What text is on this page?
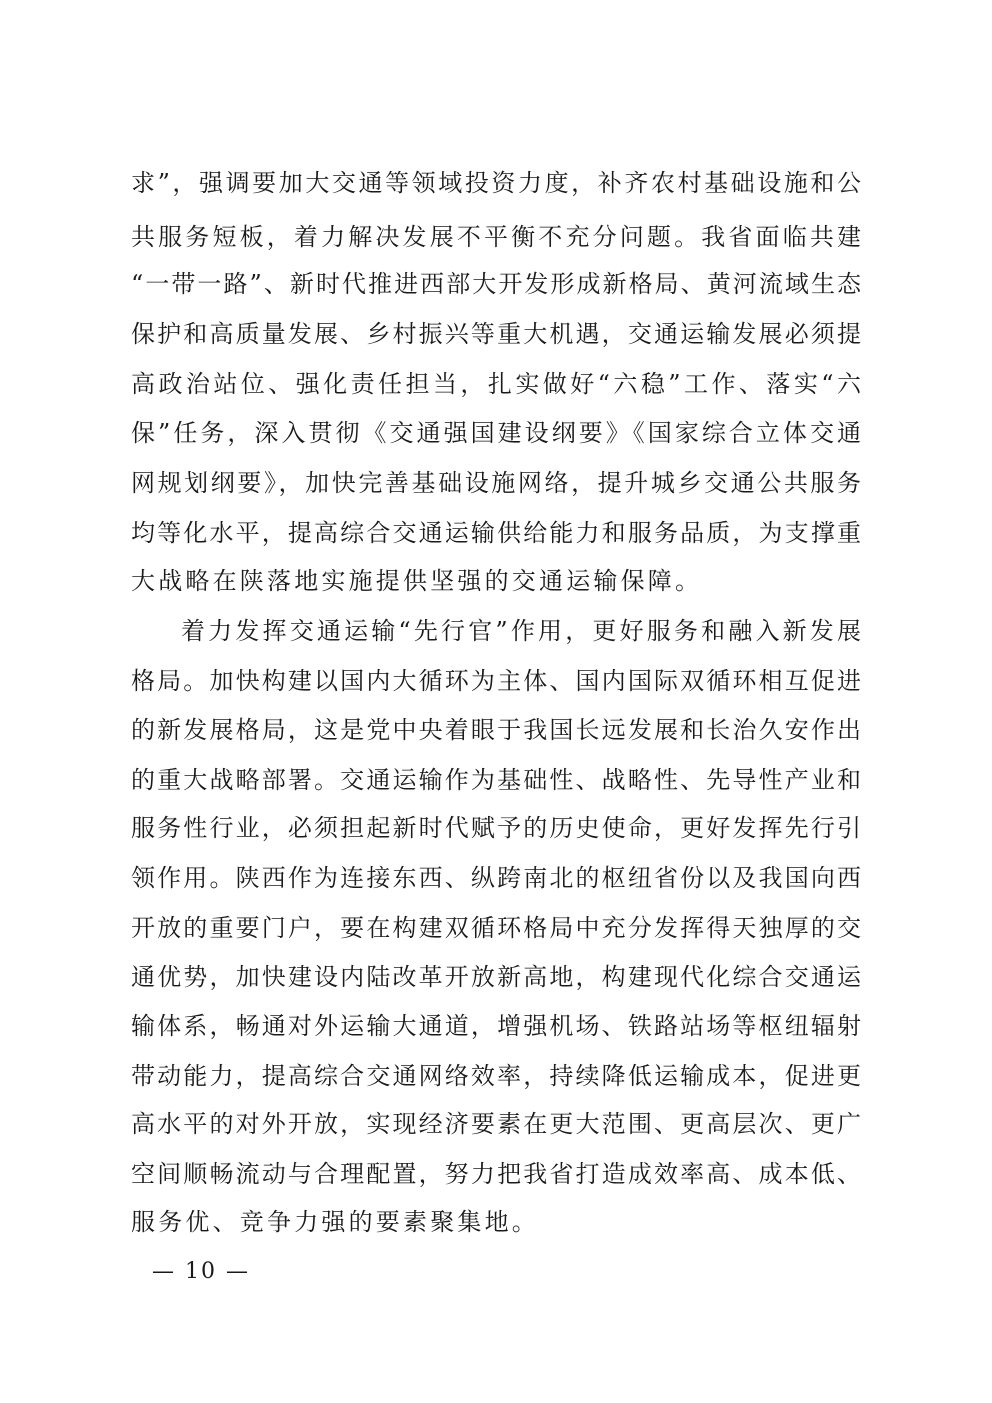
求”，强调要加大交通等领域投资力度，补齐农村基础设施和公
共服务短板，着力解决发展不平衡不充分问题。我省面临共建
“一带一路”、新时代推进西部大开发形成新格局、黄河流域生态
保护和高质量发展、乡村振兴等重大机遇，交通运输发展必须提
高政治站位、强化责任担当，扎实做好“六稳”工作、落实“六
保”任务，深入贯彻《交通强国建设纲要》《国家综合立体交通
网规划纲要》，加快完善基础设施网络，提升城乡交通公共服务
均等化水平，提高综合交通运输供给能力和服务品质，为支撑重
大战略在陕落地实施提供坚强的交通运输保障。
着力发挥交通运输“先行官”作用，更好服务和融入新发展
格局。加快构建以国内大循环为主体、国内国际双循环相互促进
的新发展格局，这是党中央着眼于我国长远发展和长治久安作出
的重大战略部署。交通运输作为基础性、战略性、先导性产业和
服务性行业，必须担起新时代赋予的历史使命，更好发挥先行引
领作用。陕西作为连接东西、纵跨南北的枢纽省份以及我国向西
开放的重要门户，要在构建双循环格局中充分发挥得天独厚的交
通优势，加快建设内陆改革开放新高地，构建现代化综合交通运
输体系，畅通对外运输大通道，增强机场、铁路站场等枢纽辐射
带动能力，提高综合交通网络效率，持续降低运输成本，促进更
高水平的对外开放，实现经济要素在更大范围、更高层次、更广
空间顺畅流动与合理配置，努力把我省打造成效率高、成本低、
服务优、竞争力强的要素聚集地。
— 10 —
